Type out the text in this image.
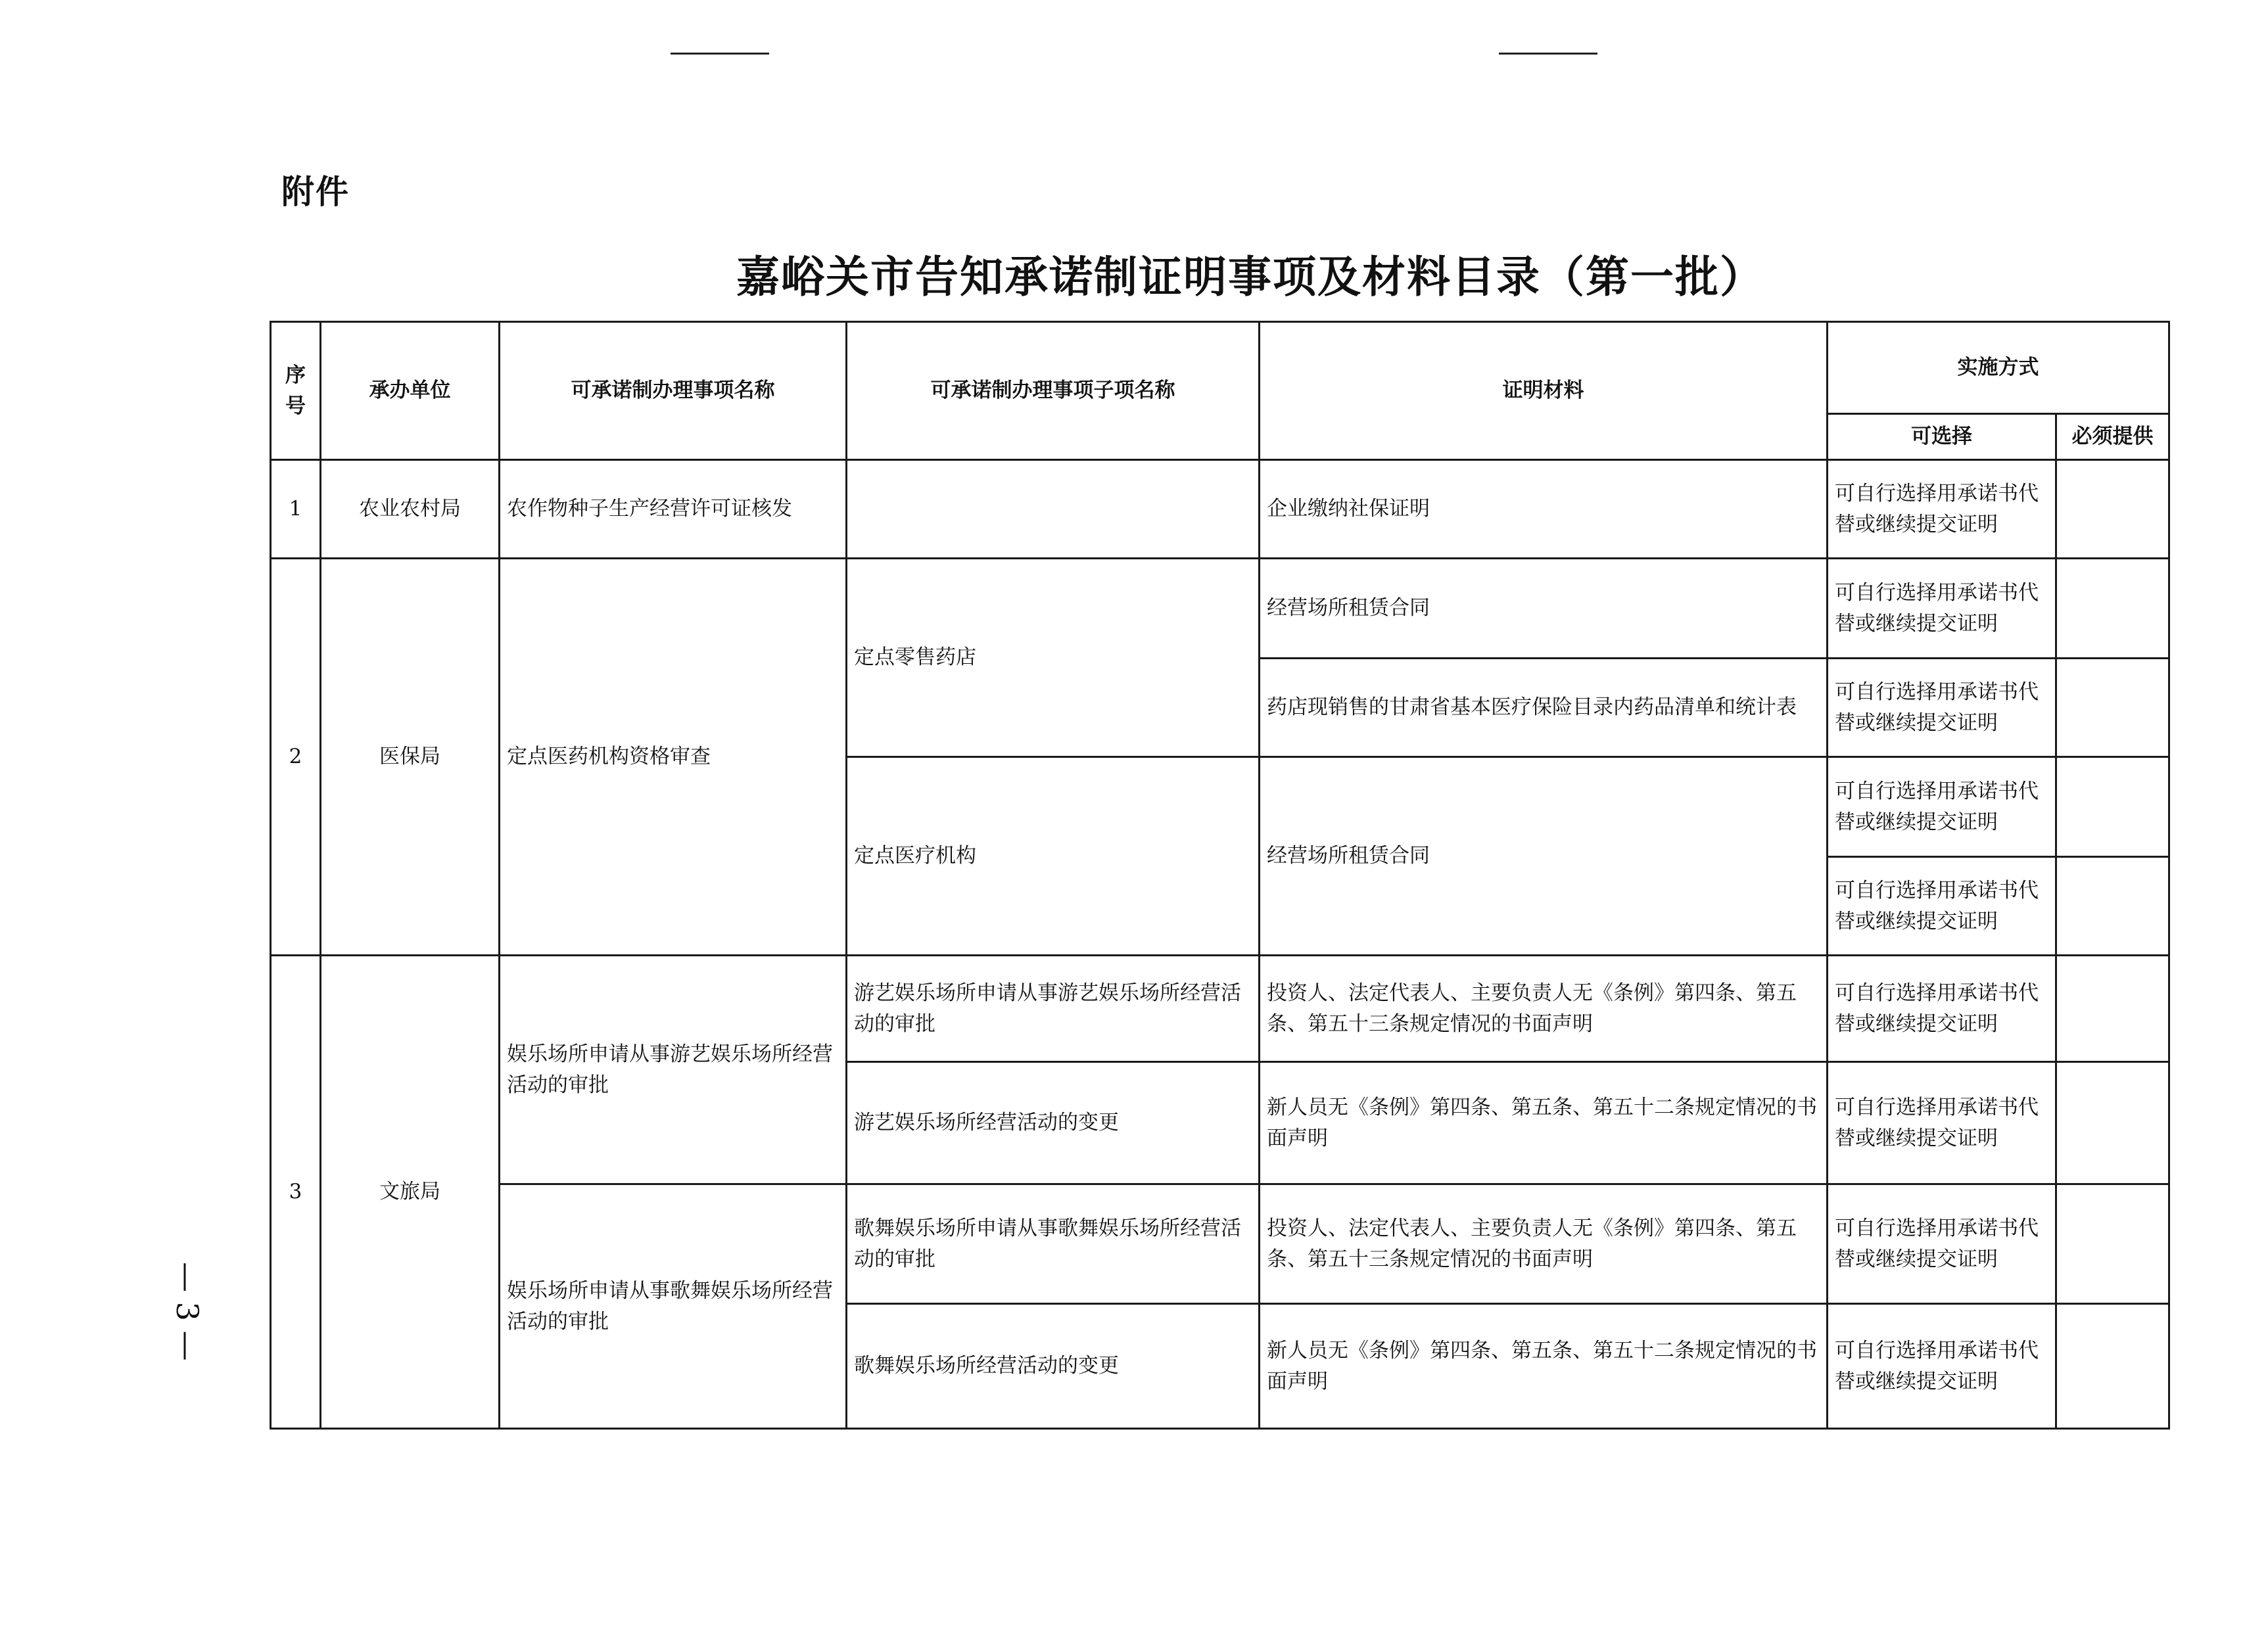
附件
嘉峪关市告知承诺制证明事项及材料目录（第一批）
序号	承办单位	可承诺制办理事项名称	可承诺制办理事项子项名称	证明材料	实施方式	
					可选择	必须提供
1	农业农村局	农作物种子生产经营许可证核发		企业缴纳社保证明	可自行选择用承诺书代替或继续提交证明	
2	医保局	定点医药机构资格审查	定点零售药店	经营场所租赁合同	可自行选择用承诺书代替或继续提交证明	
				药店现销售的甘肃省基本医疗保险目录内药品清单和统计表	可自行选择用承诺书代替或继续提交证明	
			定点医疗机构	经营场所租赁合同	可自行选择用承诺书代替或继续提交证明	

					可自行选择用承诺书代替或继续提交证明	
3	文旅局	娱乐场所申请从事游艺娱乐场所经营活动的审批	游艺娱乐场所申请从事游艺娱乐场所经营活动的审批	投资人、法定代表人、主要负责人无《条例》第四条、第五条、第五十三条规定情况的书面声明	可自行选择用承诺书代替或继续提交证明	
			游艺娱乐场所经营活动的变更	新人员无《条例》第四条、第五条、第五十二条规定情况的书面声明	可自行选择用承诺书代替或继续提交证明	
		娱乐场所申请从事歌舞娱乐场所经营活动的审批	歌舞娱乐场所申请从事歌舞娱乐场所经营活动的审批	投资人、法定代表人、主要负责人无《条例》第四条、第五条、第五十三条规定情况的书面声明	可自行选择用承诺书代替或继续提交证明	
			歌舞娱乐场所经营活动的变更	新人员无《条例》第四条、第五条、第五十二条规定情况的书面声明	可自行选择用承诺书代替或继续提交证明	
— 3 —
